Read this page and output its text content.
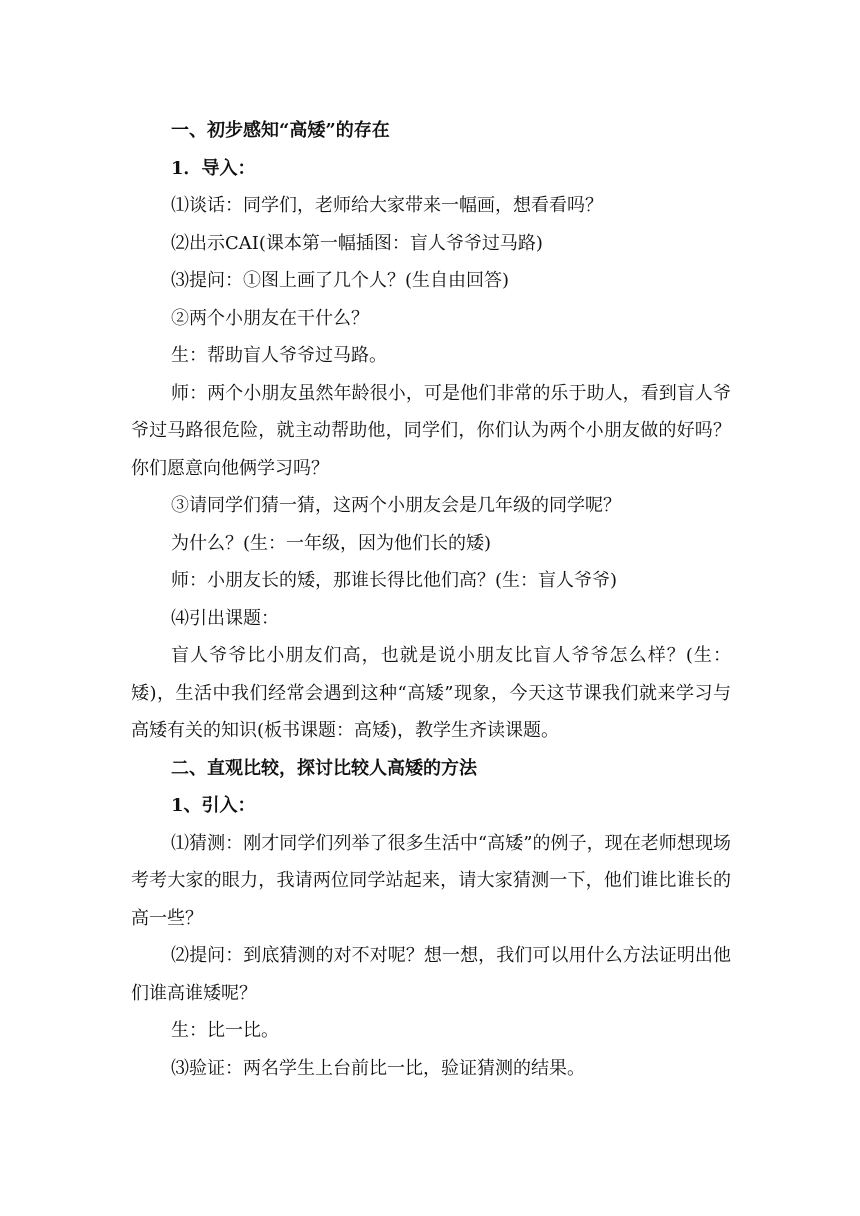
一、初步感知“高矮”的存在

1．导入：

⑴谈话：同学们，老师给大家带来一幅画，想看看吗？

⑵出示CAI(课本第一幅插图：盲人爷爷过马路)

⑶提问：①图上画了几个人？(生自由回答)

②两个小朋友在干什么？

生：帮助盲人爷爷过马路。

师：两个小朋友虽然年龄很小，可是他们非常的乐于助人，看到盲人爷爷过马路很危险，就主动帮助他，同学们，你们认为两个小朋友做的好吗？你们愿意向他俩学习吗？

③请同学们猜一猜，这两个小朋友会是几年级的同学呢？

为什么？(生：一年级，因为他们长的矮)

师：小朋友长的矮，那谁长得比他们高？(生：盲人爷爷)

⑷引出课题：

盲人爷爷比小朋友们高，也就是说小朋友比盲人爷爷怎么样？(生：矮)，生活中我们经常会遇到这种“高矮”现象，今天这节课我们就来学习与高矮有关的知识(板书课题：高矮)，教学生齐读课题。

二、直观比较，探讨比较人高矮的方法

1、引入：

⑴猜测：刚才同学们列举了很多生活中“高矮”的例子，现在老师想现场考考大家的眼力，我请两位同学站起来，请大家猜测一下，他们谁比谁长的高一些？

⑵提问：到底猜测的对不对呢？想一想，我们可以用什么方法证明出他们谁高谁矮呢？

生：比一比。

⑶验证：两名学生上台前比一比，验证猜测的结果。
